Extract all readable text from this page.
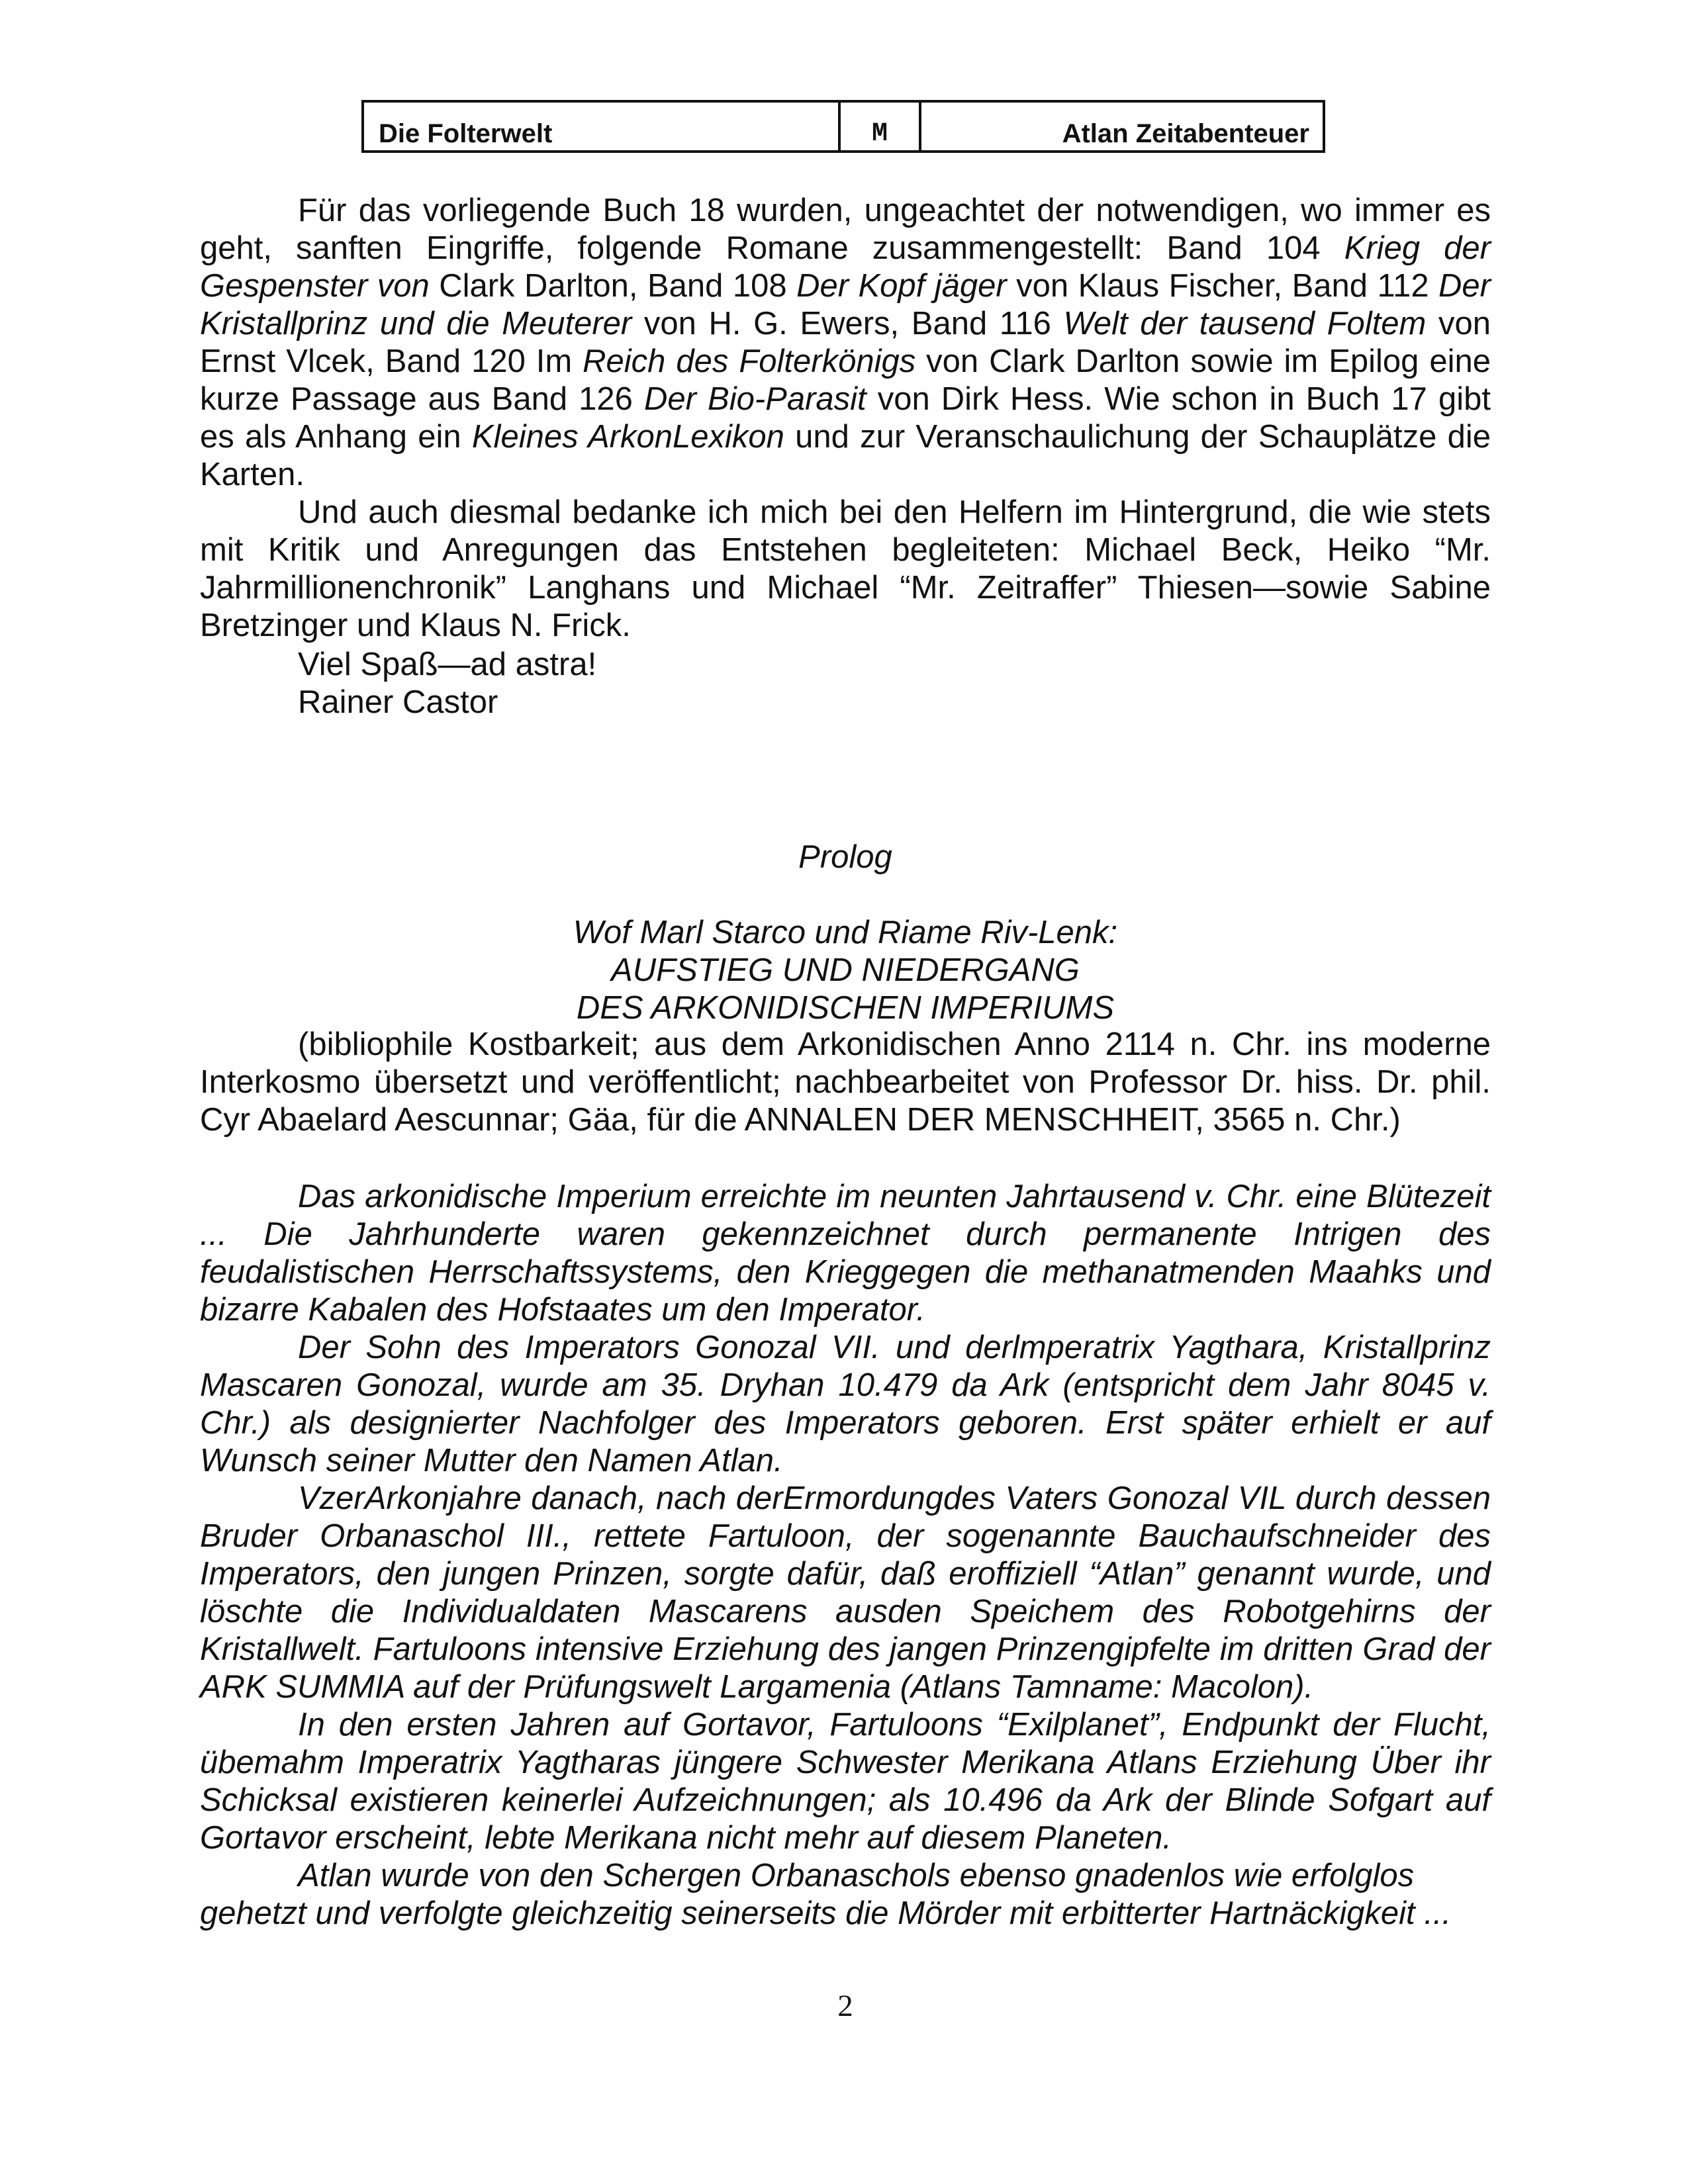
Die Folterwelt	M	Atlan Zeitabenteuer

Für das vorliegende Buch 18 wurden, ungeachtet der notwendigen, wo immer es geht, sanften Eingriffe, folgende Romane zusammengestellt: Band 104 Krieg der Gespenster von Clark Darlton, Band 108 Der Kopf jäger von Klaus Fischer, Band 112 Der Kristallprinz und die Meuterer von H. G. Ewers, Band 116 Welt der tausend Foltem von Ernst Vlcek, Band 120 Im Reich des Folterkönigs von Clark Darlton sowie im Epilog eine kurze Passage aus Band 126 Der Bio-Parasit von Dirk Hess. Wie schon in Buch 17 gibt es als Anhang ein Kleines ArkonLexikon und zur Veranschaulichung der Schauplätze die Karten.

Und auch diesmal bedanke ich mich bei den Helfern im Hintergrund, die wie stets mit Kritik und Anregungen das Entstehen begleiteten: Michael Beck, Heiko “Mr. Jahrmillionenchronik” Langhans und Michael “Mr. Zeitraffer” Thiesen—sowie Sabine Bretzinger und Klaus N. Frick.

Viel Spaß—ad astra!
Rainer Castor
Prolog
Wof Marl Starco und Riame Riv-Lenk:
AUFSTIEG UND NIEDERGANG
DES ARKONIDISCHEN IMPERIUMS

(bibliophile Kostbarkeit; aus dem Arkonidischen Anno 2114 n. Chr. ins moderne Interkosmo übersetzt und veröffentlicht; nachbearbeitet von Professor Dr. hiss. Dr. phil. Cyr Abaelard Aescunnar; Gäa, für die ANNALEN DER MENSCHHEIT, 3565 n. Chr.)

Das arkonidische Imperium erreichte im neunten Jahrtausend v. Chr. eine Blütezeit ... Die Jahrhunderte waren gekennzeichnet durch permanente Intrigen des feudalistischen Herrschaftssystems, den Krieggegen die methanatmenden Maahks und bizarre Kabalen des Hofstaates um den Imperator.

Der Sohn des Imperators Gonozal VII. und derlmperatrix Yagthara, Kristallprinz Mascaren Gonozal, wurde am 35. Dryhan 10.479 da Ark (entspricht dem Jahr 8045 v. Chr.) als designierter Nachfolger des Imperators geboren. Erst später erhielt er auf Wunsch seiner Mutter den Namen Atlan.

VzerArkonjahre danach, nach derErmordungdes Vaters Gonozal VIL durch dessen Bruder Orbanaschol III., rettete Fartuloon, der sogenannte Bauchaufschneider des Imperators, den jungen Prinzen, sorgte dafür, daß eroffiziell “Atlan” genannt wurde, und löschte die Individualdaten Mascarens ausden Speichem des Robotgehirns der Kristallwelt. Fartuloons intensive Erziehung des jangen Prinzengipfelte im dritten Grad der ARK SUMMIA auf der Prüfungswelt Largamenia (Atlans Tamname: Macolon).

In den ersten Jahren auf Gortavor, Fartuloons “Exilplanet”, Endpunkt der Flucht, übemahm Imperatrix Yagtharas jüngere Schwester Merikana Atlans Erziehung Über ihr Schicksal existieren keinerlei Aufzeichnungen; als 10.496 da Ark der Blinde Sofgart auf Gortavor erscheint, lebte Merikana nicht mehr auf diesem Planeten.

Atlan wurde von den Schergen Orbanaschols ebenso gnadenlos wie erfolglos gehetzt und verfolgte gleichzeitig seinerseits die Mörder mit erbitterter Hartnäckigkeit ...

2
